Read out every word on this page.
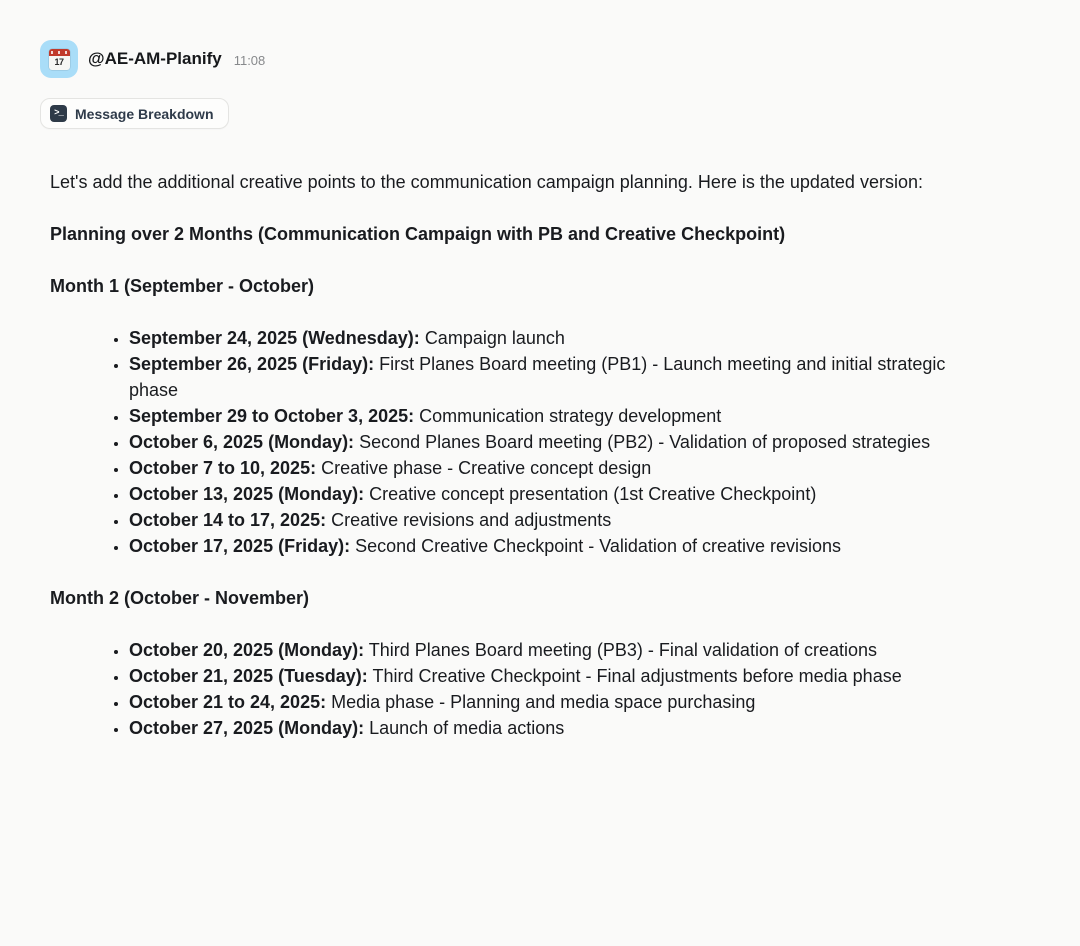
17	@AE-AM-Planify 11:08
>_ Message Breakdown

Let's add the additional creative points to the communication campaign planning. Here is the updated version:

Planning over 2 Months (Communication Campaign with PB and Creative Checkpoint)

Month 1 (September - October)

• September 24, 2025 (Wednesday): Campaign launch
• September 26, 2025 (Friday): First Planes Board meeting (PB1) - Launch meeting and initial strategic phase
• September 29 to October 3, 2025: Communication strategy development
• October 6, 2025 (Monday): Second Planes Board meeting (PB2) - Validation of proposed strategies
• October 7 to 10, 2025: Creative phase - Creative concept design
• October 13, 2025 (Monday): Creative concept presentation (1st Creative Checkpoint)
• October 14 to 17, 2025: Creative revisions and adjustments
• October 17, 2025 (Friday): Second Creative Checkpoint - Validation of creative revisions

Month 2 (October - November)

• October 20, 2025 (Monday): Third Planes Board meeting (PB3) - Final validation of creations
• October 21, 2025 (Tuesday): Third Creative Checkpoint - Final adjustments before media phase
• October 21 to 24, 2025: Media phase - Planning and media space purchasing
• October 27, 2025 (Monday): Launch of media actions
